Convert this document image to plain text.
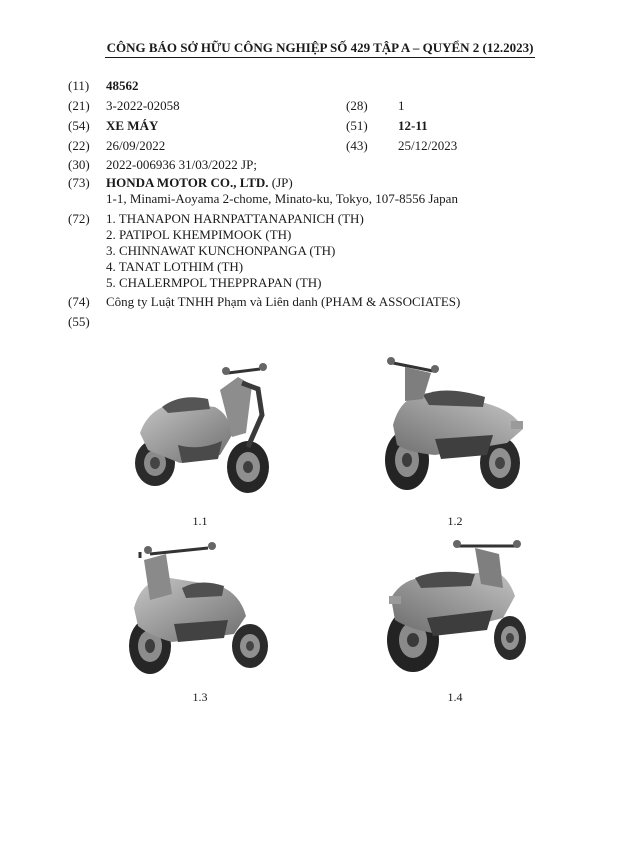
CÔNG BÁO SỞ HỮU CÔNG NGHIỆP SỐ 429 TẬP A – QUYỂN 2 (12.2023)
(11) 48562
(21) 3-2022-02058	(28) 1
(54) XE MÁY	(51) 12-11
(22) 26/09/2022	(43) 25/12/2023
(30) 2022-006936 31/03/2022 JP;
(73) HONDA MOTOR CO., LTD. (JP)
1-1, Minami-Aoyama 2-chome, Minato-ku, Tokyo, 107-8556 Japan
(72) 1. THANAPON HARNPATTANAPANICH (TH)
2. PATIPOL KHEMPIMOOK (TH)
3. CHINNAWAT KUNCHONPANGA (TH)
4. TANAT LOTHIM (TH)
5. CHALERMPOL THEPPRAPAN (TH)
(74) Công ty Luật TNHH Phạm và Liên danh (PHAM & ASSOCIATES)
(55)
1.1	1.2
1.3	1.4
